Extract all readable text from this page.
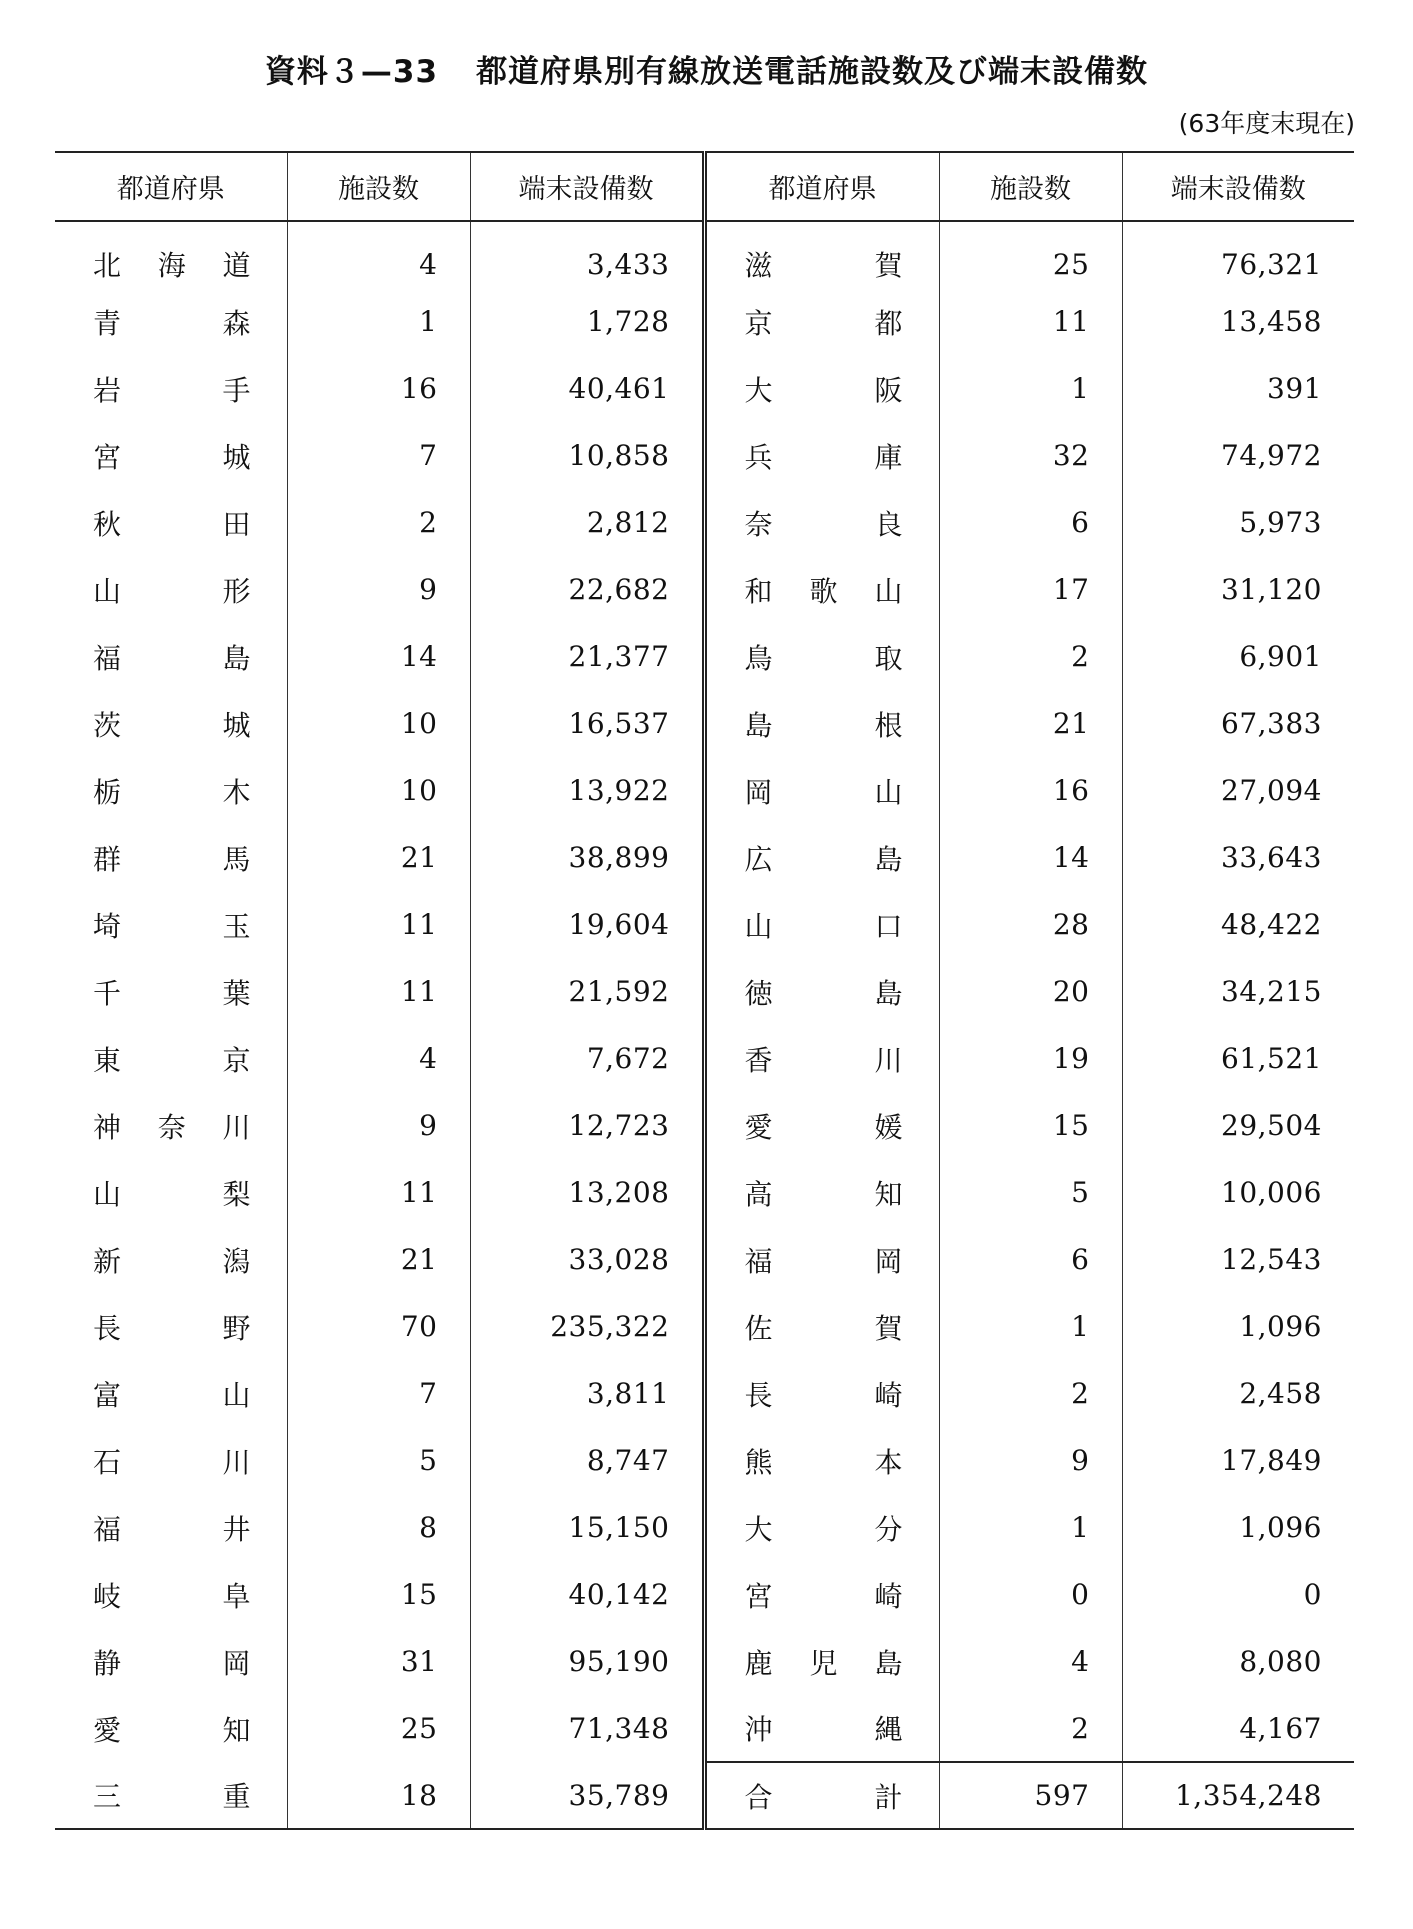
資料３—33 都道府県別有線放送電話施設数及び端末設備数
(63年度末現在)
都道府県	施設数	端末設備数	都道府県	施設数	端末設備数

北 海 道	4	3,433	滋 賀	25	76,321

青 森	1	1,728	京 都	11	13,458

岩 手	16	40,461	大 阪	1	391

宮 城	7	10,858	兵 庫	32	74,972

秋 田	2	2,812	奈 良	6	5,973

山 形	9	22,682	和 歌 山	17	31,120

福 島	14	21,377	鳥 取	2	6,901

茨 城	10	16,537	島 根	21	67,383

栃 木	10	13,922	岡 山	16	27,094

群 馬	21	38,899	広 島	14	33,643

埼 玉	11	19,604	山 口	28	48,422

千 葉	11	21,592	徳 島	20	34,215

東 京	4	7,672	香 川	19	61,521

神 奈 川	9	12,723	愛 媛	15	29,504

山 梨	11	13,208	高 知	5	10,006

新 潟	21	33,028	福 岡	6	12,543

長 野	70	235,322	佐 賀	1	1,096

富 山	7	3,811	長 崎	2	2,458

石 川	5	8,747	熊 本	9	17,849

福 井	8	15,150	大 分	1	1,096

岐 阜	15	40,142	宮 崎	0	0

静 岡	31	95,190	鹿 児 島	4	8,080

愛 知	25	71,348	沖 縄	2	4,167

三 重	18	35,789	合 計	597	1,354,248
